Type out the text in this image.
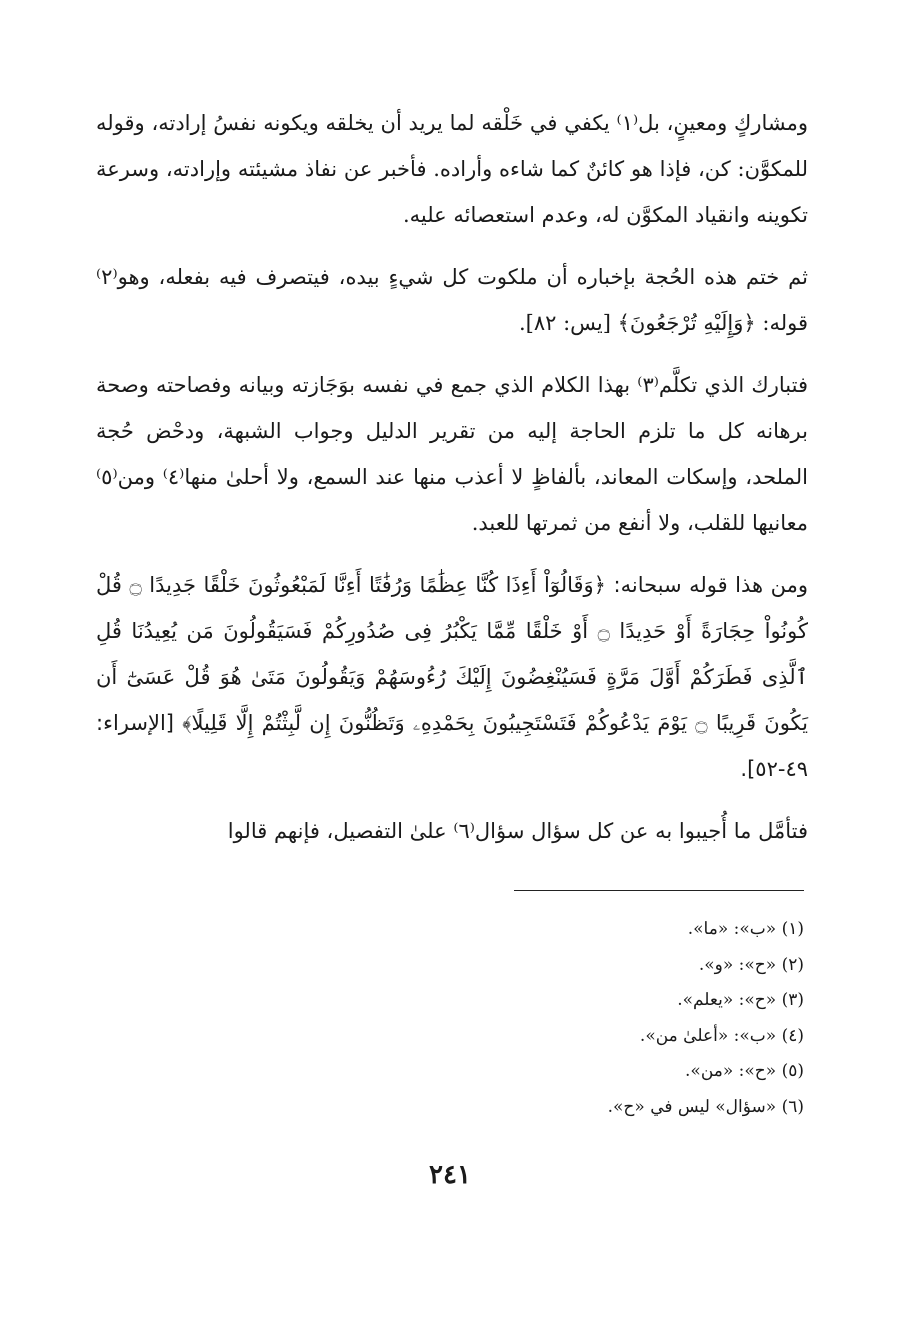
ومشاركٍ ومعينٍ، بل⁽١⁾ يكفي في خَلْقه لما يريد أن يخلقه ويكونه نفسُ إرادته، وقوله للمكوَّن: كن، فإذا هو كائنٌ كما شاءه وأراده. فأخبر عن نفاذ مشيئته وإرادته، وسرعة تكوينه وانقياد المكوَّن له، وعدم استعصائه عليه.

ثم ختم هذه الحُجة بإخباره أن ملكوت كل شيءٍ بيده، فيتصرف فيه بفعله، وهو⁽٢⁾ قوله: ﴿وَإِلَيْهِ تُرْجَعُونَ﴾ [يس: ٨٢].

فتبارك الذي تكلَّم⁽٣⁾ بهذا الكلام الذي جمع في نفسه بوَجَازته وبيانه وفصاحته وصحة برهانه كل ما تلزم الحاجة إليه من تقرير الدليل وجواب الشبهة، ودحْض حُجة الملحد، وإسكات المعاند، بألفاظٍ لا أعذب منها عند السمع، ولا أحلىٰ منها⁽٤⁾ ومن⁽٥⁾ معانيها للقلب، ولا أنفع من ثمرتها للعبد.

ومن هذا قوله سبحانه: ﴿وَقَالُوٓاْ أَءِذَا كُنَّا عِظَٰمًا وَرُفَٰتًا أَءِنَّا لَمَبْعُوثُونَ خَلْقًا جَدِيدًا ۝ قُلْ كُونُواْ حِجَارَةً أَوْ حَدِيدًا ۝ أَوْ خَلْقًا مِّمَّا يَكْبُرُ فِى صُدُورِكُمْ فَسَيَقُولُونَ مَن يُعِيدُنَا قُلِ ٱلَّذِى فَطَرَكُمْ أَوَّلَ مَرَّةٍ فَسَيُنْغِضُونَ إِلَيْكَ رُءُوسَهُمْ وَيَقُولُونَ مَتَىٰ هُوَ قُلْ عَسَىٰٓ أَن يَكُونَ قَرِيبًا ۝ يَوْمَ يَدْعُوكُمْ فَتَسْتَجِيبُونَ بِحَمْدِهِۦ وَتَظُنُّونَ إِن لَّبِثْتُمْ إِلَّا قَلِيلًا﴾ [الإسراء: ٤٩-٥٢].

فتأمَّل ما أُجيبوا به عن كل سؤال سؤال⁽٦⁾ علىٰ التفصيل، فإنهم قالوا

(١) «ب»: «ما».
(٢) «ح»: «و».
(٣) «ح»: «يعلم».
(٤) «ب»: «أعلىٰ من».
(٥) «ح»: «من».
(٦) «سؤال» ليس في «ح».
٢٤١
